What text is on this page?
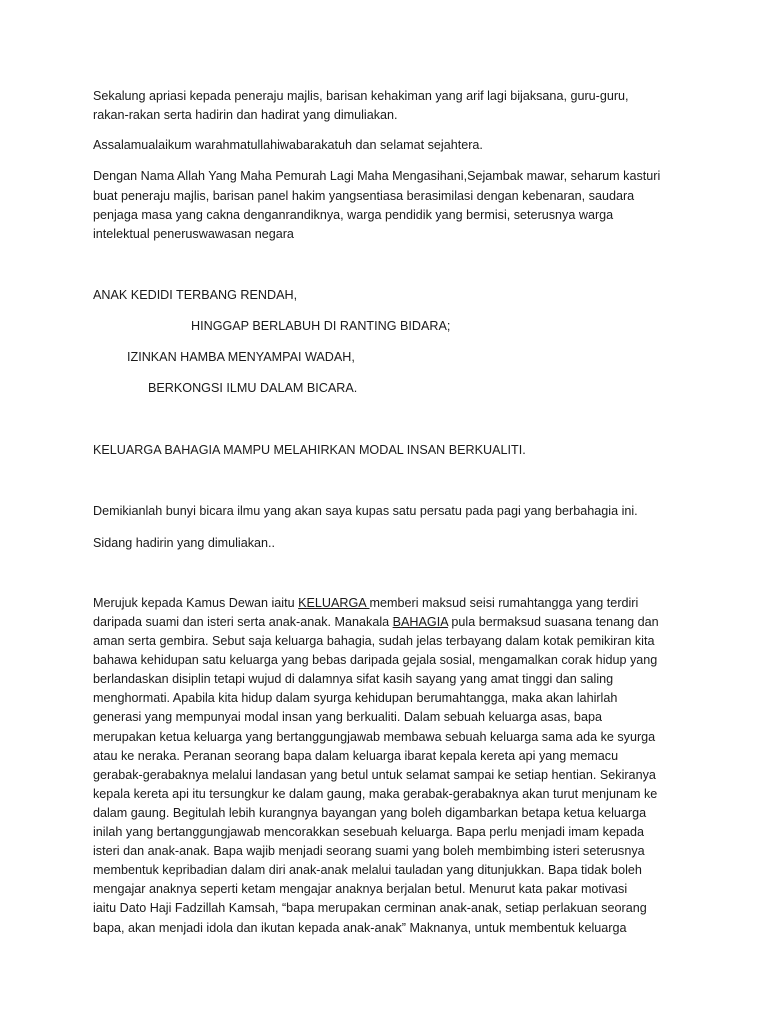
Sekalung apriasi kepada peneraju majlis, barisan kehakiman yang arif lagi bijaksana, guru-guru,
rakan-rakan serta hadirin dan hadirat yang dimuliakan.
Assalamualaikum warahmatullahiwabarakatuh dan selamat sejahtera.
Dengan Nama Allah Yang Maha Pemurah Lagi Maha Mengasihani,Sejambak mawar, seharum kasturi
buat peneraju majlis, barisan panel hakim yangsentiasa berasimilasi dengan kebenaran, saudara
penjaga masa yang cakna denganrandiknya, warga pendidik yang bermisi, seterusnya warga
intelektual peneruswawasan negara
ANAK KEDIDI TERBANG RENDAH,
HINGGAP BERLABUH DI RANTING BIDARA;
IZINKAN HAMBA MENYAMPAI WADAH,
BERKONGSI ILMU DALAM BICARA.
KELUARGA BAHAGIA MAMPU MELAHIRKAN MODAL INSAN BERKUALITI.
Demikianlah bunyi bicara ilmu yang akan saya kupas satu persatu pada pagi yang berbahagia ini.
Sidang hadirin yang dimuliakan..
Merujuk kepada Kamus Dewan iaitu KELUARGA memberi maksud seisi rumahtangga yang terdiri
daripada suami dan isteri serta anak-anak. Manakala BAHAGIA pula bermaksud suasana tenang dan
aman serta gembira. Sebut saja keluarga bahagia, sudah jelas terbayang dalam kotak pemikiran kita
bahawa kehidupan satu keluarga yang bebas daripada gejala sosial, mengamalkan corak hidup yang
berlandaskan disiplin tetapi wujud di dalamnya sifat kasih sayang yang amat tinggi dan saling
menghormati. Apabila kita hidup dalam syurga kehidupan berumahtangga, maka akan lahirlah
generasi yang mempunyai modal insan yang berkualiti. Dalam sebuah keluarga asas, bapa
merupakan ketua keluarga yang bertanggungjawab membawa sebuah keluarga sama ada ke syurga
atau ke neraka. Peranan seorang bapa dalam keluarga ibarat kepala kereta api yang memacu
gerabak-gerabaknya melalui landasan yang betul untuk selamat sampai ke setiap hentian. Sekiranya
kepala kereta api itu tersungkur ke dalam gaung, maka gerabak-gerabaknya akan turut menjunam ke
dalam gaung. Begitulah lebih kurangnya bayangan yang boleh digambarkan betapa ketua keluarga
inilah yang bertanggungjawab mencorakkan sesebuah keluarga. Bapa perlu menjadi imam kepada
isteri dan anak-anak. Bapa wajib menjadi seorang suami yang boleh membimbing isteri seterusnya
membentuk kepribadian dalam diri anak-anak melalui tauladan yang ditunjukkan. Bapa tidak boleh
mengajar anaknya seperti ketam mengajar anaknya berjalan betul. Menurut kata pakar motivasi
iaitu Dato Haji Fadzillah Kamsah, “bapa merupakan cerminan anak-anak, setiap perlakuan seorang
bapa, akan menjadi idola dan ikutan kepada anak-anak” Maknanya, untuk membentuk keluarga
